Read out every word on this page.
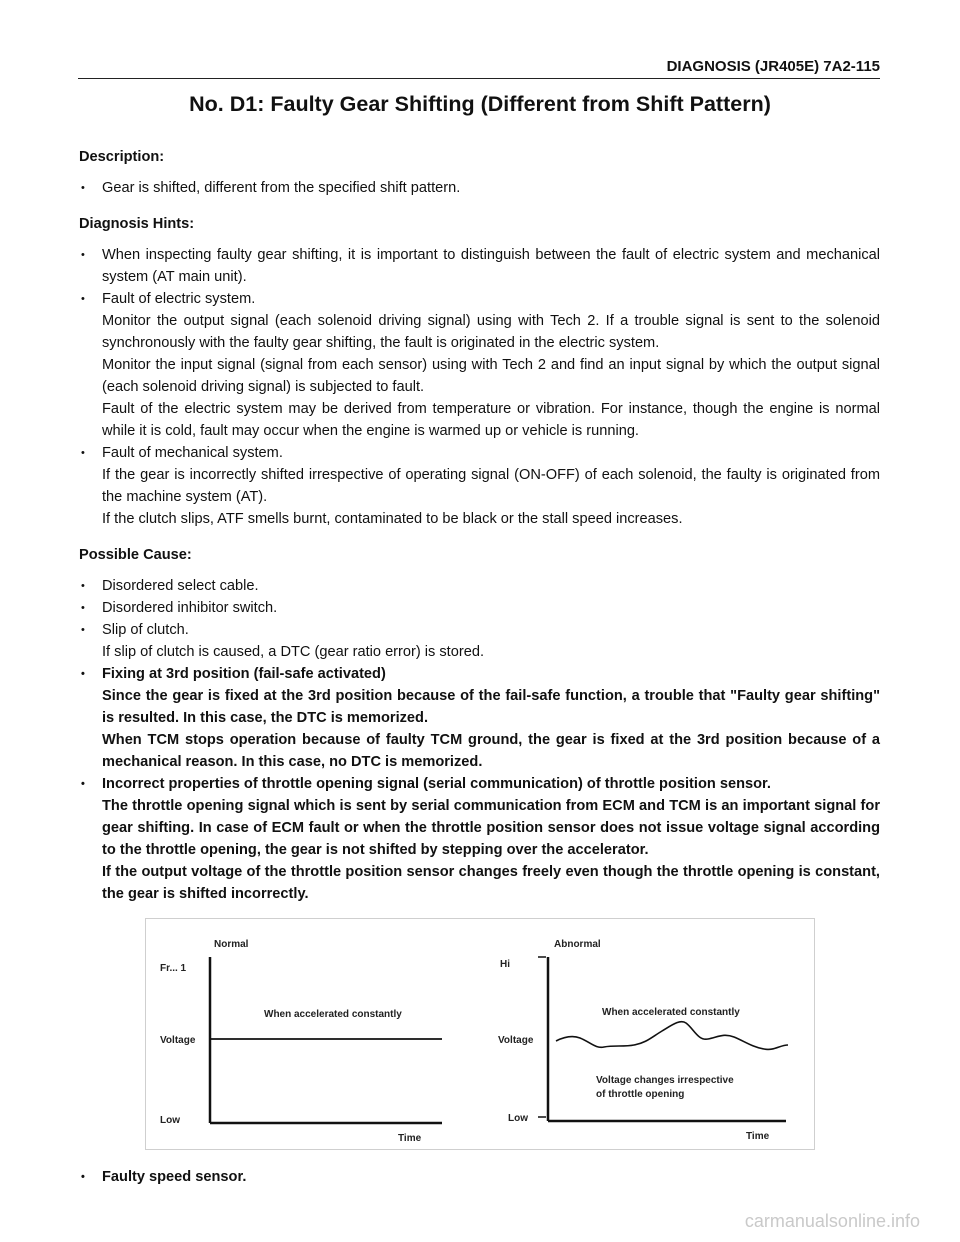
DIAGNOSIS (JR405E) 7A2-115
No. D1: Faulty Gear Shifting (Different from Shift Pattern)
Description:
• Gear is shifted, different from the specified shift pattern.
Diagnosis Hints:
• When inspecting faulty gear shifting, it is important to distinguish between the fault of electric system and mechanical system (AT main unit).
• Fault of electric system.
Monitor the output signal (each solenoid driving signal) using with Tech 2. If a trouble signal is sent to the solenoid synchronously with the faulty gear shifting, the fault is originated in the electric system.
Monitor the input signal (signal from each sensor) using with Tech 2 and find an input signal by which the output signal (each solenoid driving signal) is subjected to fault.
Fault of the electric system may be derived from temperature or vibration. For instance, though the engine is normal while it is cold, fault may occur when the engine is warmed up or vehicle is running.
• Fault of mechanical system.
If the gear is incorrectly shifted irrespective of operating signal (ON-OFF) of each solenoid, the faulty is originated from the machine system (AT).
If the clutch slips, ATF smells burnt, contaminated to be black or the stall speed increases.
Possible Cause:
• Disordered select cable.
• Disordered inhibitor switch.
• Slip of clutch.
If slip of clutch is caused, a DTC (gear ratio error) is stored.
• Fixing at 3rd position (fail-safe activated)
Since the gear is fixed at the 3rd position because of the fail-safe function, a trouble that "Faulty gear shifting" is resulted. In this case, the DTC is memorized.
When TCM stops operation because of faulty TCM ground, the gear is fixed at the 3rd position because of a mechanical reason. In this case, no DTC is memorized.
• Incorrect properties of throttle opening signal (serial communication) of throttle position sensor.
The throttle opening signal which is sent by serial communication from ECM and TCM is an important signal for gear shifting. In case of ECM fault or when the throttle position sensor does not issue voltage signal according to the throttle opening, the gear is not shifted by stepping over the accelerator.
If the output voltage of the throttle position sensor changes freely even though the throttle opening is constant, the gear is shifted incorrectly.
Normal
Fr... 1
Voltage
Low
When accelerated constantly
Time
Abnormal
Hi
Voltage
Low
When accelerated constantly
Voltage changes irrespective
of throttle opening
Time
• Faulty speed sensor.
carmanualsonline.info
